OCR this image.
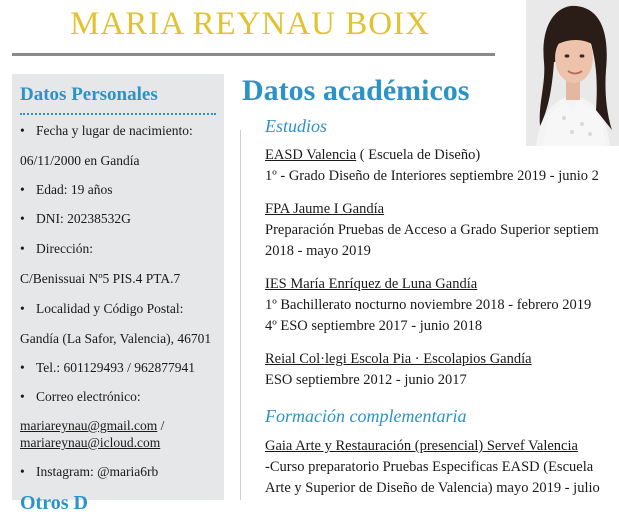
MARIA REYNAU BOIX
Datos Personales
• Fecha y lugar de nacimiento:
06/11/2000 en Gandía
• Edad: 19 años
• DNI: 20238532G
• Dirección:
C/Benissuai Nº5 PIS.4 PTA.7
• Localidad y Código Postal:
Gandía (La Safor, Valencia), 46701
• Tel.: 601129493 / 962877941
• Correo electrónico:
mariareynau@gmail.com /
mariareynau@icloud.com
• Instagram: @maria6rb
Otros D
Datos académicos
Estudios
EASD Valencia ( Escuela de Diseño)
1º - Grado Diseño de Interiores septiembre 2019 - junio 2
FPA Jaume I Gandía
Preparación Pruebas de Acceso a Grado Superior septiem
2018 - mayo 2019
IES María Enríquez de Luna Gandía
1º Bachillerato nocturno noviembre 2018 - febrero 2019
4º ESO septiembre 2017 - junio 2018
Reial Col·legi Escola Pia · Escolapios Gandía
ESO septiembre 2012 - junio 2017
Formación complementaria
Gaia Arte y Restauración (presencial) Servef Valencia
-Curso preparatorio Pruebas Especificas EASD (Escuela
Arte y Superior de Diseño de Valencia) mayo 2019 - julio
